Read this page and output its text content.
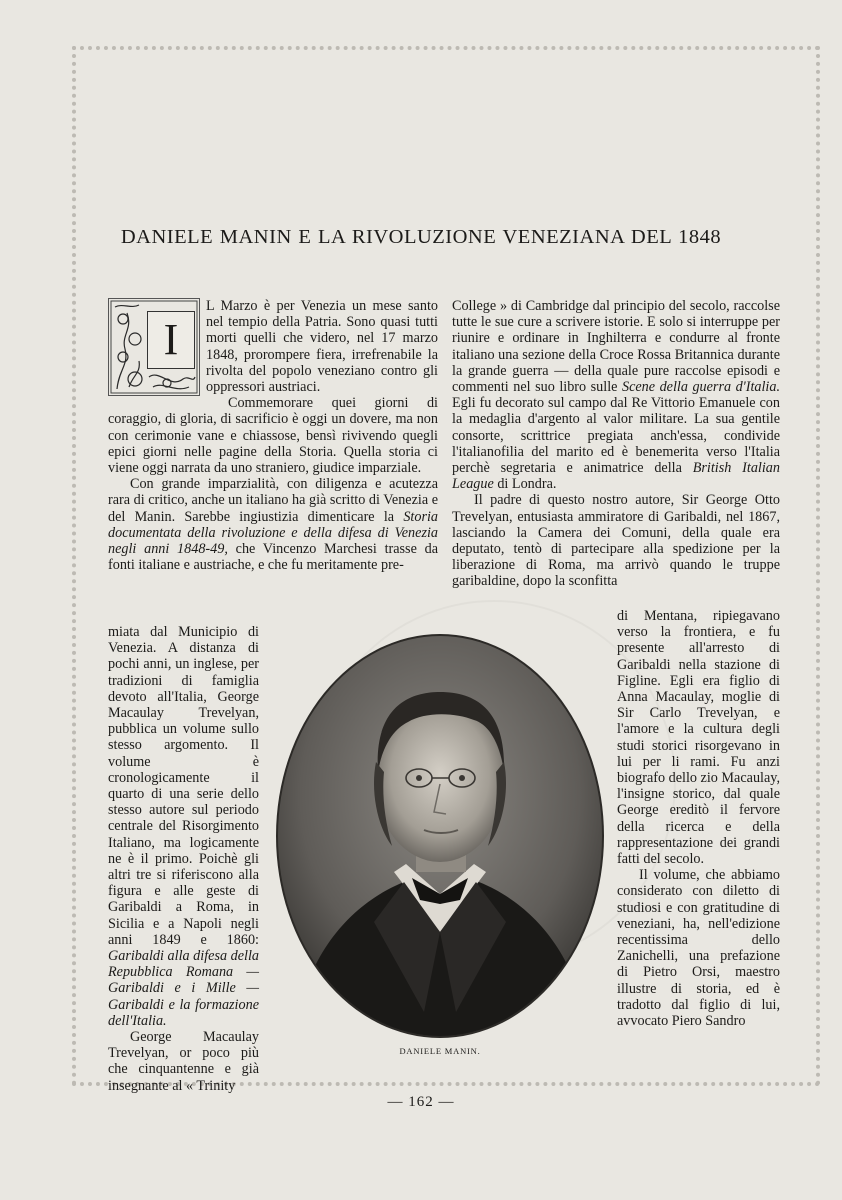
DANIELE MANIN E LA RIVOLUZIONE VENEZIANA DEL 1848
I

L Marzo è per Venezia un mese santo nel tempio della Patria. Sono quasi tutti morti quelli che videro, nel 17 marzo 1848, prorompere fiera, irrefrenabile la rivolta del popolo veneziano contro gli oppressori austriaci.

Commemorare quei giorni di coraggio, di gloria, di sacrificio è oggi un dovere, ma non con cerimonie vane e chiassose, bensì rivivendo quegli epici giorni nelle pagine della Storia. Quella storia ci viene oggi narrata da uno straniero, giudice imparziale.

Con grande imparzialità, con diligenza e acutezza rara di critico, anche un italiano ha già scritto di Venezia e del Manin. Sarebbe ingiustizia dimenticare la Storia documentata della rivoluzione e della difesa di Venezia negli anni 1848-49, che Vincenzo Marchesi trasse da fonti italiane e austriache, e che fu meritamente pre-

miata dal Municipio di Venezia. A distanza di pochi anni, un inglese, per tradizioni di famiglia devoto all'Italia, George Macaulay Trevelyan, pubblica un volume sullo stesso argomento. Il volume è cronologicamente il quarto di una serie dello stesso autore sul periodo centrale del Risorgimento Italiano, ma logicamente ne è il primo. Poichè gli altri tre si riferiscono alla figura e alle geste di Garibaldi a Roma, in Sicilia e a Napoli negli anni 1849 e 1860: Garibaldi alla difesa della Repubblica Romana — Garibaldi e i Mille — Garibaldi e la formazione dell'Italia.

George Macaulay Trevelyan, or poco più che cinquantenne e già insegnante al « Trinity

College » di Cambridge dal principio del secolo, raccolse tutte le sue cure a scrivere istorie. E solo si interruppe per riunire e ordinare in Inghilterra e condurre al fronte italiano una sezione della Croce Rossa Britannica durante la grande guerra — della quale pure raccolse episodi e commenti nel suo libro sulle Scene della guerra d'Italia. Egli fu decorato sul campo dal Re Vittorio Emanuele con la medaglia d'argento al valor militare. La sua gentile consorte, scrittrice pregiata anch'essa, condivide l'italianofilia del marito ed è benemerita verso l'Italia perchè segretaria e animatrice della British Italian League di Londra.

Il padre di questo nostro autore, Sir George Otto Trevelyan, entusiasta ammiratore di Garibaldi, nel 1867, lasciando la Camera dei Comuni, della quale era deputato, tentò di partecipare alla spedizione per la liberazione di Roma, ma arrivò quando le truppe garibaldine, dopo la sconfitta

di Mentana, ripiegavano verso la frontiera, e fu presente all'arresto di Garibaldi nella stazione di Figline. Egli era figlio di Anna Macaulay, moglie di Sir Carlo Trevelyan, e l'amore e la cultura degli studi storici risorgevano in lui per li rami. Fu anzi biografo dello zio Macaulay, l'insigne storico, dal quale George ereditò il fervore della ricerca e della rappresentazione dei grandi fatti del secolo.

Il volume, che abbiamo considerato con diletto di studiosi e con gratitudine di veneziani, ha, nell'edizione recentissima dello Zanichelli, una prefazione di Pietro Orsi, maestro illustre di storia, ed è tradotto dal figlio di lui, avvocato Piero Sandro

DANIELE MANIN.
— 162 —
